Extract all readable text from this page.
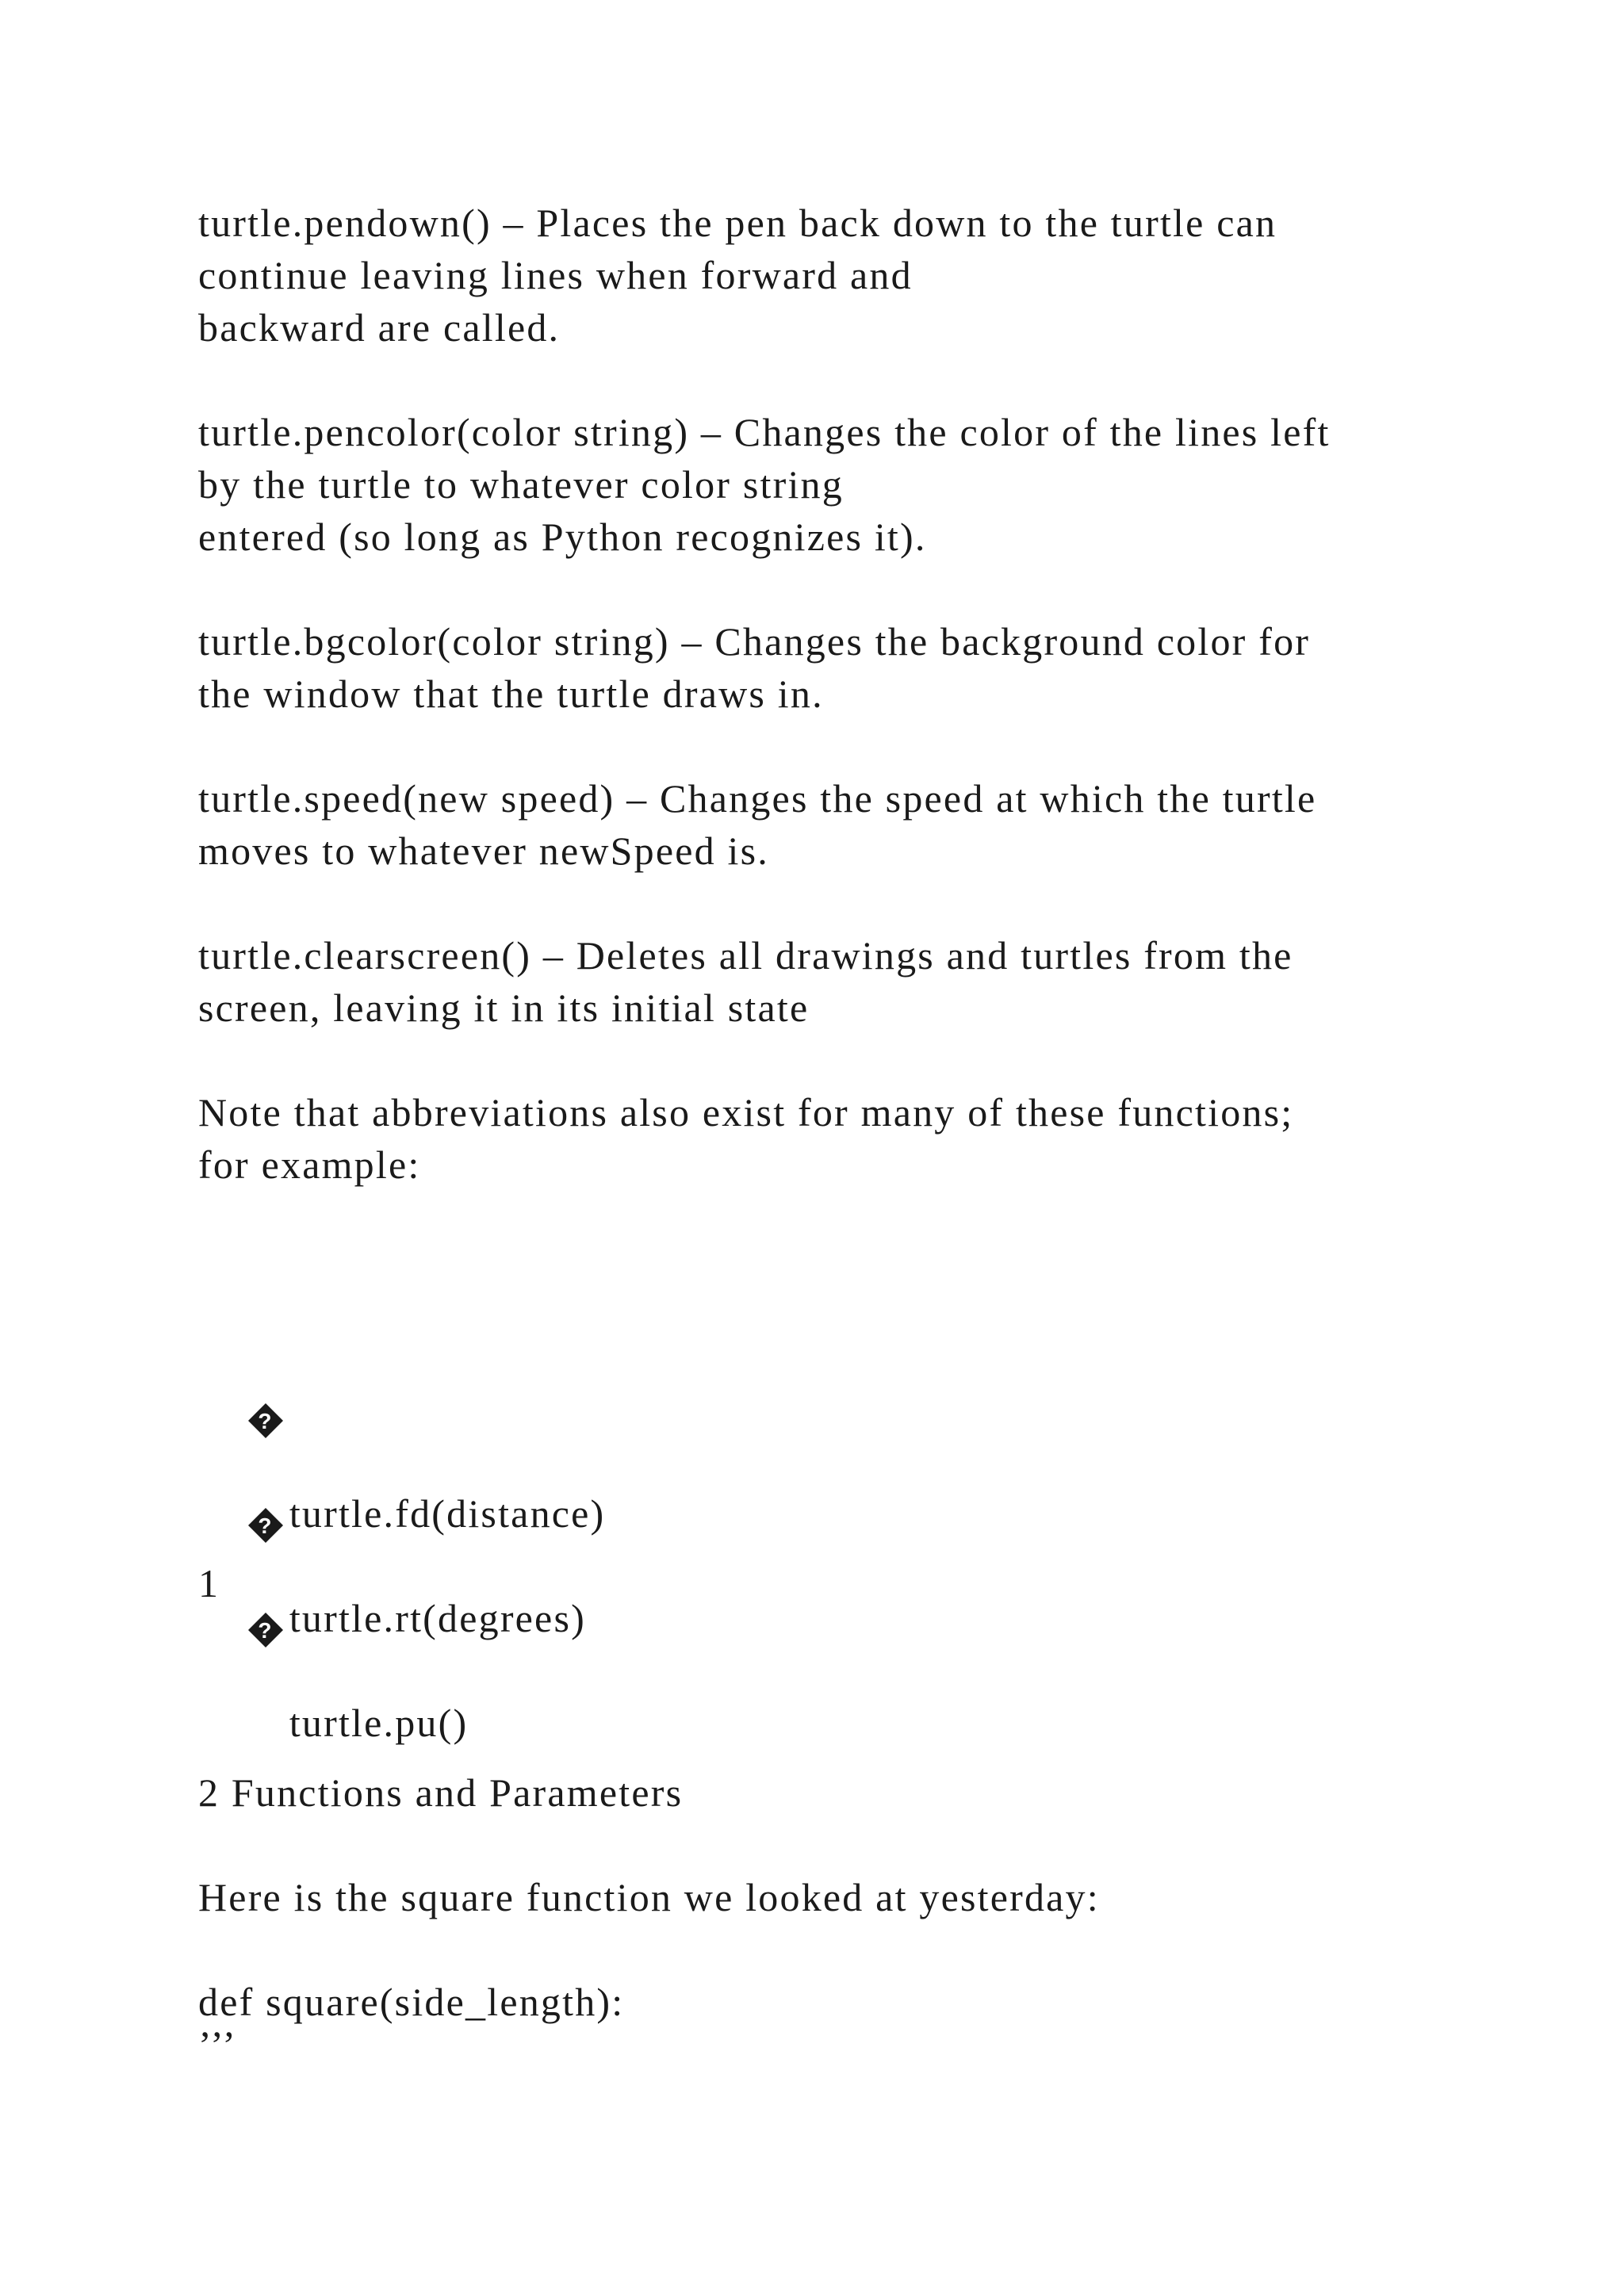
turtle.pendown() – Places the pen back down to the turtle can
continue leaving lines when forward and
backward are called.
turtle.pencolor(color string) – Changes the color of the lines left
by the turtle to whatever color string
entered (so long as Python recognizes it).
turtle.bgcolor(color string) – Changes the background color for
the window that the turtle draws in.
turtle.speed(new speed) – Changes the speed at which the turtle
moves to whatever newSpeed is.
turtle.clearscreen() – Deletes all drawings and turtles from the
screen, leaving it in its initial state
Note that abbreviations also exist for many of these functions;
for example:

?

turtle.fd(distance)

?

turtle.rt(degrees)

?

turtle.pu()

1
2 Functions and Parameters
Here is the square function we looked at yesterday:
def square(side_length):
’’’
